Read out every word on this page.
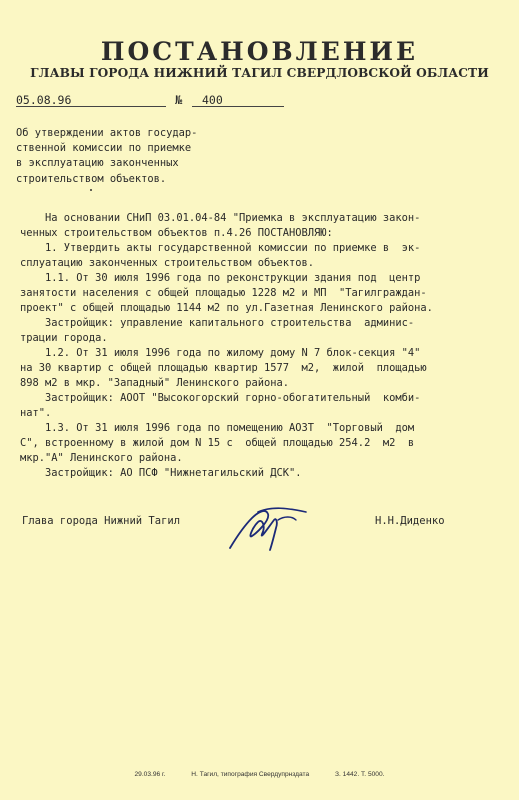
ПОСТАНОВЛЕНИЕ
ГЛАВЫ ГОРОДА НИЖНИЙ ТАГИЛ СВЕРДЛОВСКОЙ ОБЛАСТИ
05.08.96	№ 400
Об утверждении актов государ-
ственной комиссии по приемке
в эксплуатацию законченных
строительством объектов.
На основании СНиП 03.01.04-84 "Приемка в эксплуатацию закон-
ченных строительством объектов п.4.26 ПОСТАНОВЛЯЮ:
1. Утвердить акты государственной комиссии по приемке в  эк-
сплуатацию законченных строительством объектов.
1.1. От 30 июля 1996 года по реконструкции здания под  центр
занятости населения с общей площадью 1228 м2 и МП  "Тагилграждан-
проект" с общей площадью 1144 м2 по ул.Газетная Ленинского района.
Застройщик: управление капитального строительства  админис-
трации города.
1.2. От 31 июля 1996 года по жилому дому N 7 блок-секция "4"
на 30 квартир с общей площадью квартир 1577  м2,  жилой  площадью
898 м2 в мкр. "Западный" Ленинского района.
Застройщик: АООТ "Высокогорский горно-обогатительный  комби-
нат".
1.3. От 31 июля 1996 года по помещению АОЗТ  "Торговый  дом
С", встроенному в жилой дом N 15 с  общей площадью 254.2  м2  в
мкр."А" Ленинского района.
Застройщик: АО ПСФ "Нижнетагильский ДСК".
Глава города Нижний Тагил	Н.Н.Диденко
29.03.96 г.	Н. Тагил, типография Свердупрнздата	З. 1442. Т. 5000.
